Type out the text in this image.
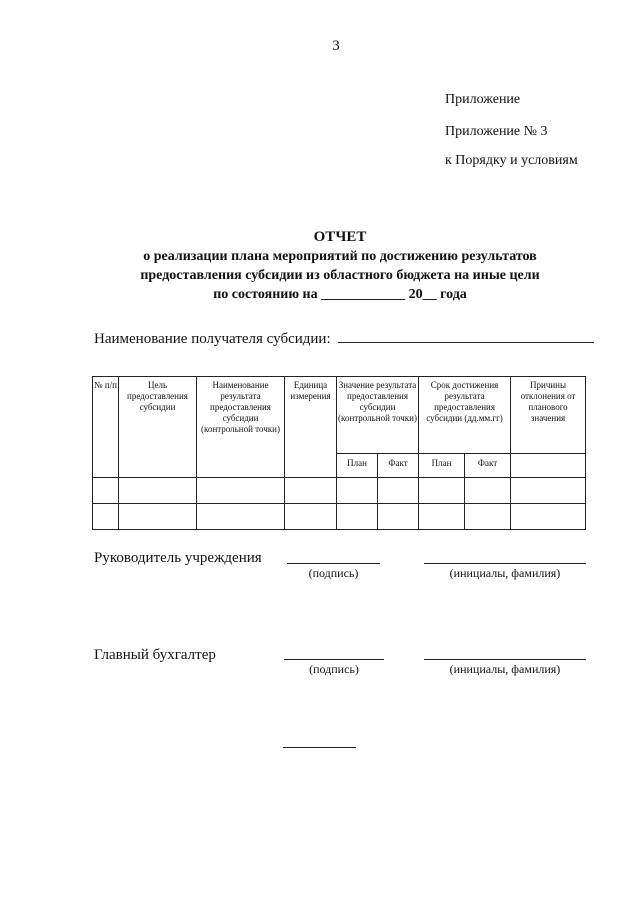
3
Приложение
Приложение № 3
к Порядку и условиям
ОТЧЕТ
о реализации плана мероприятий по достижению результатов
предоставления субсидии из областного бюджета на иные цели
по состоянию на ____________ 20__ года
Наименование получателя субсидии:
№ п/п	Цель предоставления субсидии	Наименование результата предоставления субсидии (контрольной точки)	Единица измерения	Значение результата предоставления субсидии (контрольной точки)		Срок достижения результата предоставления субсидии (дд.мм.гг)		Причины отклонения от планового значения
				План	Факт	План	Факт	

Руководитель учреждения
(подпись)	(инициалы, фамилия)
Главный бухгалтер
(подпись)	(инициалы, фамилия)
